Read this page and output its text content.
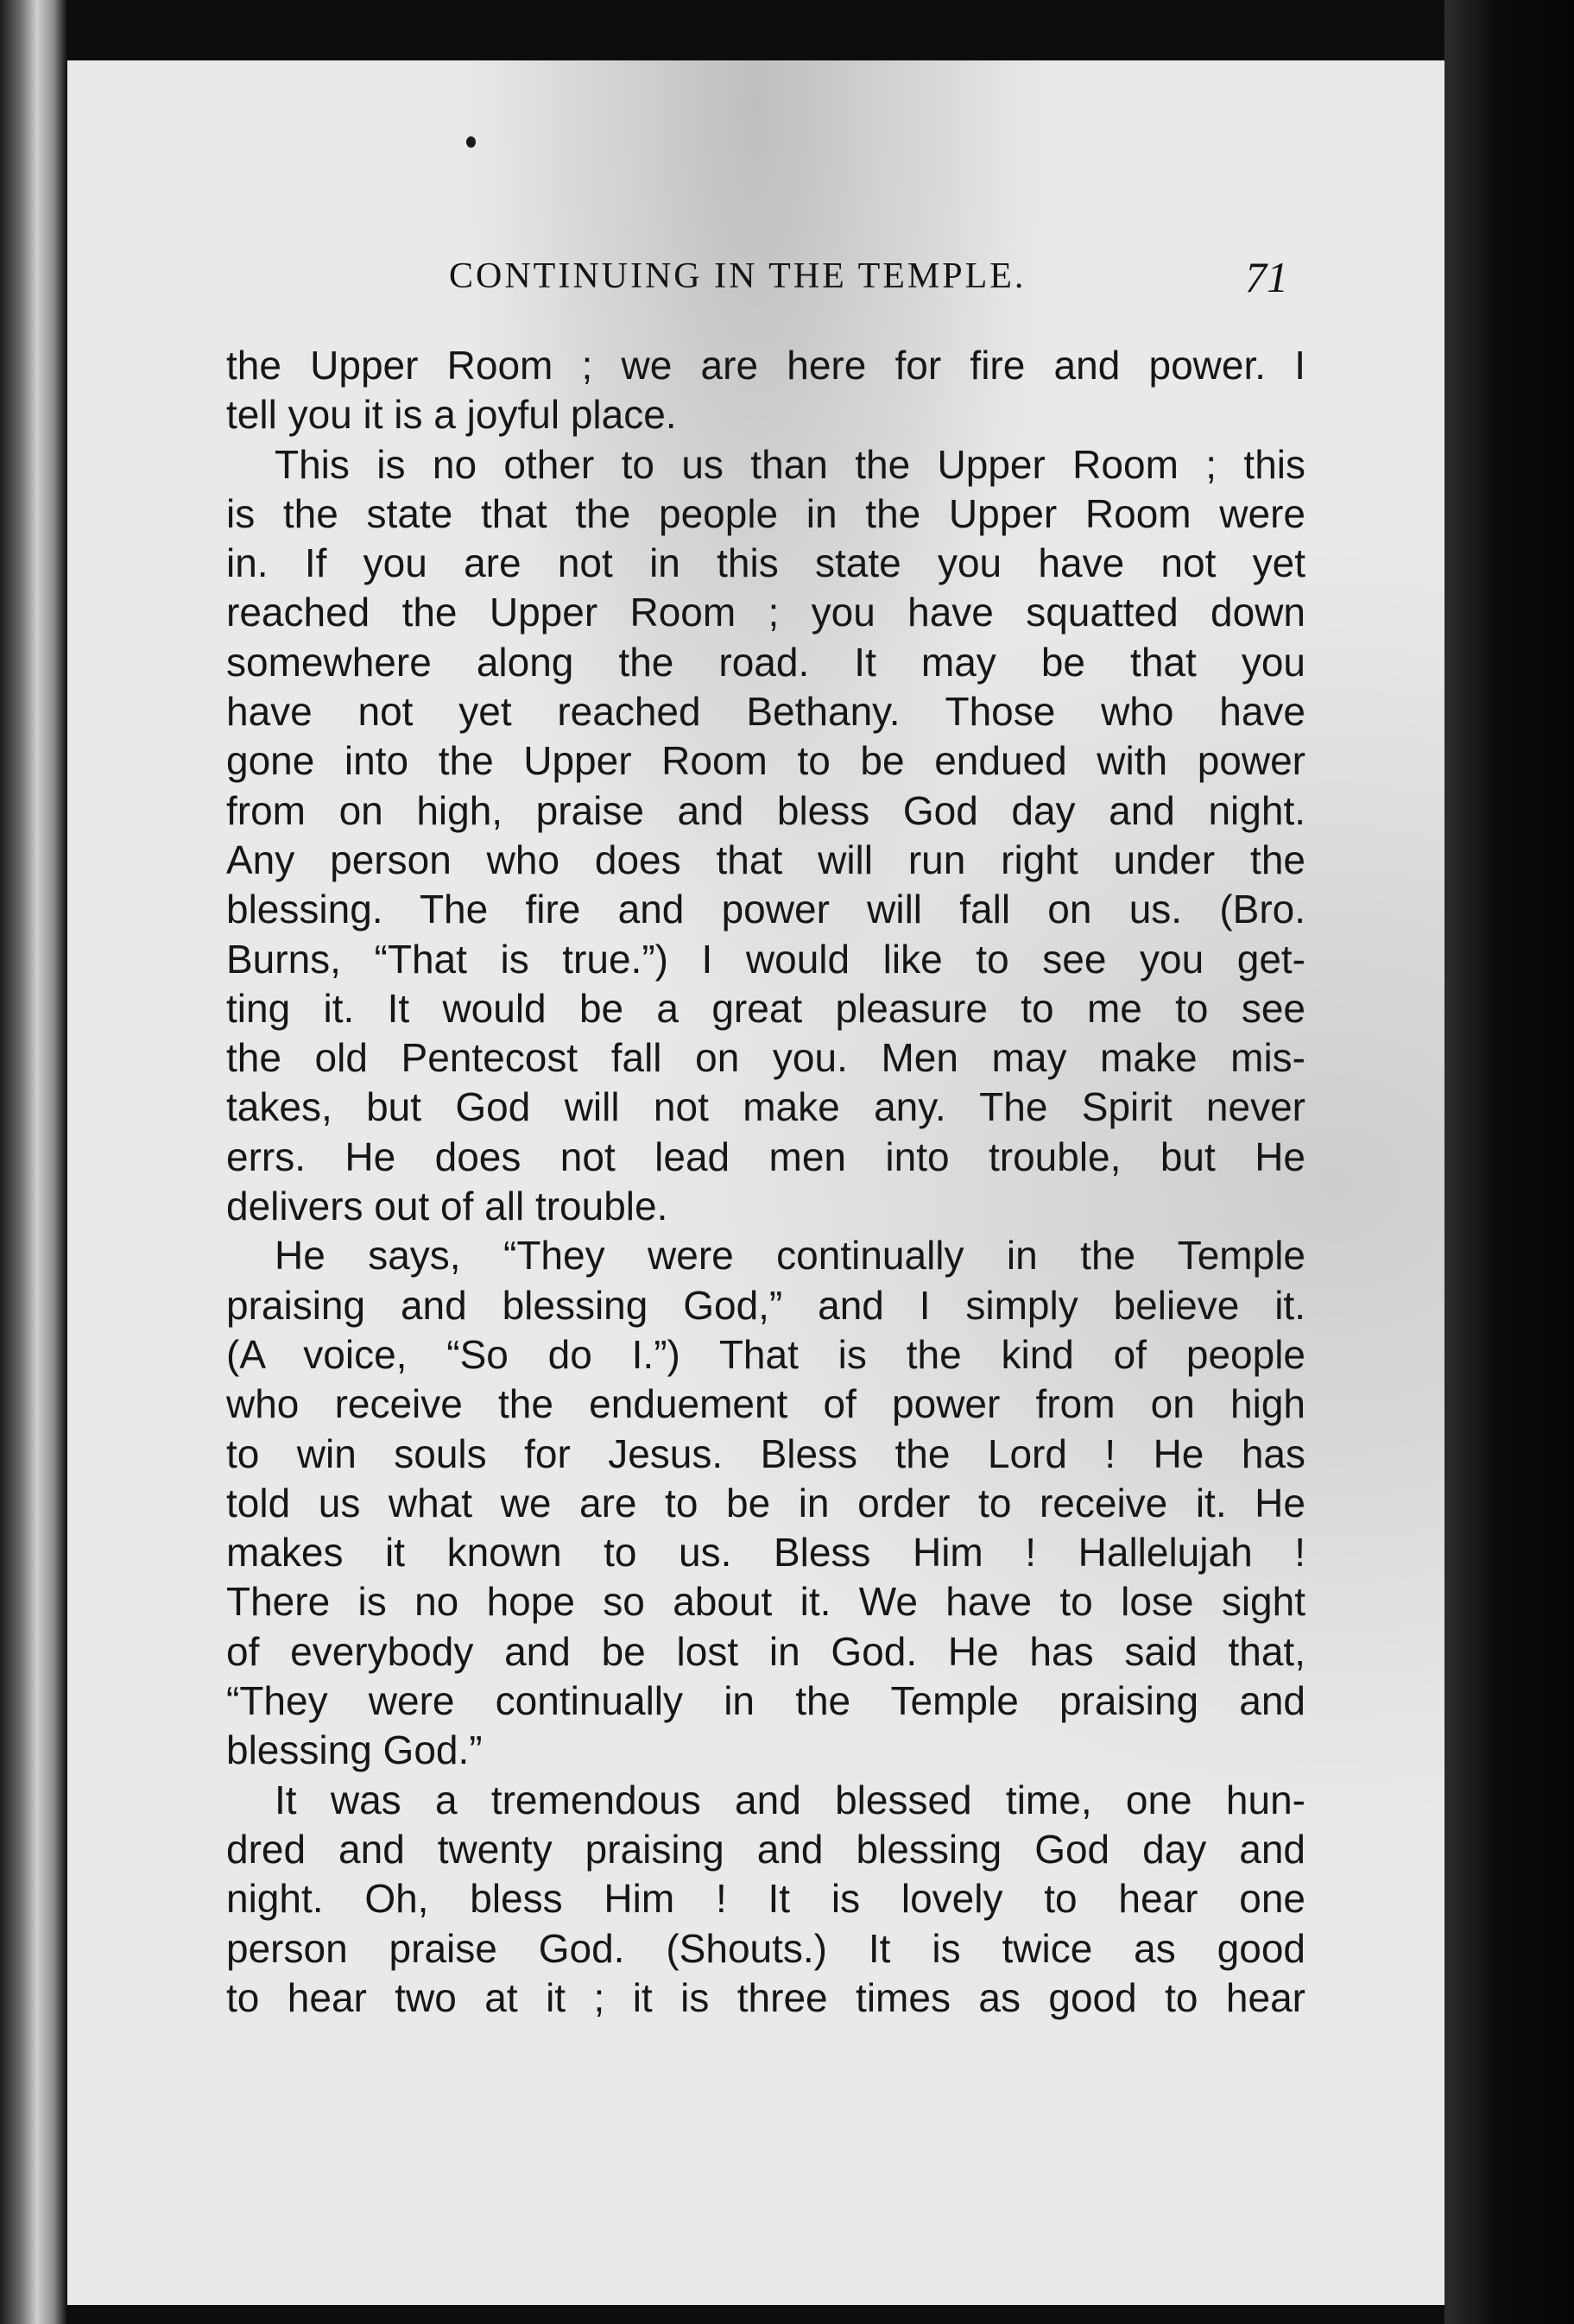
CONTINUING IN THE TEMPLE.	71
the Upper Room ; we are here for fire and power. I
tell you it is a joyful place.
This is no other to us than the Upper Room ; this
is the state that the people in the Upper Room were
in. If you are not in this state you have not yet
reached the Upper Room ; you have squatted down
somewhere along the road. It may be that you
have not yet reached Bethany. Those who have
gone into the Upper Room to be endued with power
from on high, praise and bless God day and night.
Any person who does that will run right under the
blessing. The fire and power will fall on us. (Bro.
Burns, “That is true.”) I would like to see you get-
ting it. It would be a great pleasure to me to see
the old Pentecost fall on you. Men may make mis-
takes, but God will not make any. The Spirit never
errs. He does not lead men into trouble, but He
delivers out of all trouble.
He says, “They were continually in the Temple
praising and blessing God,” and I simply believe it.
(A voice, “So do I.”) That is the kind of people
who receive the enduement of power from on high
to win souls for Jesus. Bless the Lord ! He has
told us what we are to be in order to receive it. He
makes it known to us. Bless Him ! Hallelujah !
There is no hope so about it. We have to lose sight
of everybody and be lost in God. He has said that,
“They were continually in the Temple praising and
blessing God.”
It was a tremendous and blessed time, one hun-
dred and twenty praising and blessing God day and
night. Oh, bless Him ! It is lovely to hear one
person praise God. (Shouts.) It is twice as good
to hear two at it ; it is three times as good to hear
